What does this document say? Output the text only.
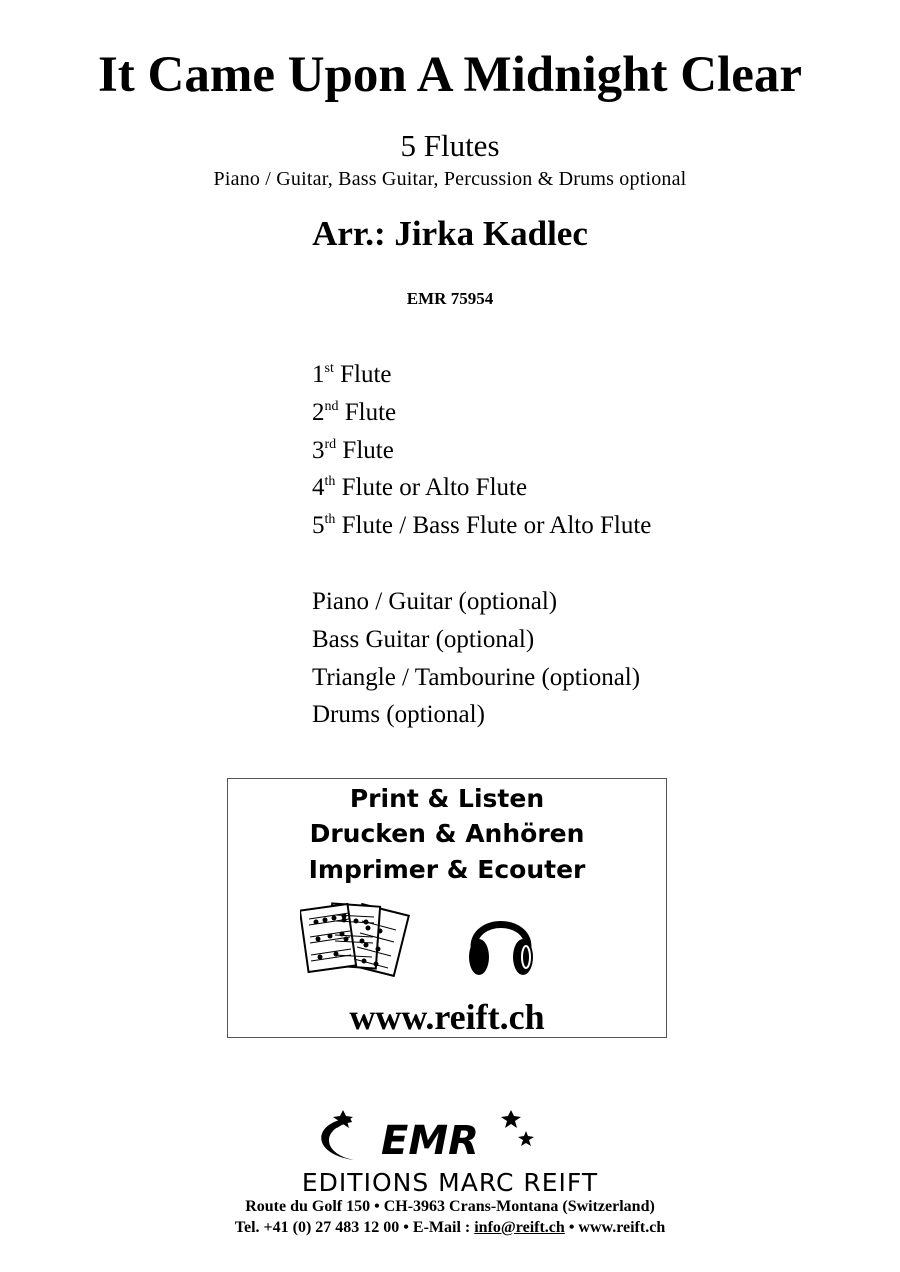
It Came Upon A Midnight Clear
5 Flutes
Piano / Guitar, Bass Guitar, Percussion & Drums optional
Arr.: Jirka Kadlec
EMR 75954
1st Flute
2nd Flute
3rd Flute
4th Flute or Alto Flute
5th Flute / Bass Flute or Alto Flute
Piano / Guitar (optional)
Bass Guitar (optional)
Triangle / Tambourine (optional)
Drums (optional)
Print & Listen
Drucken & Anhören
Imprimer & Ecouter
www.reift.ch
EMR
EDITIONS MARC REIFT
Route du Golf 150 • CH-3963 Crans-Montana (Switzerland)
Tel. +41 (0) 27 483 12 00 • E-Mail : info@reift.ch • www.reift.ch
